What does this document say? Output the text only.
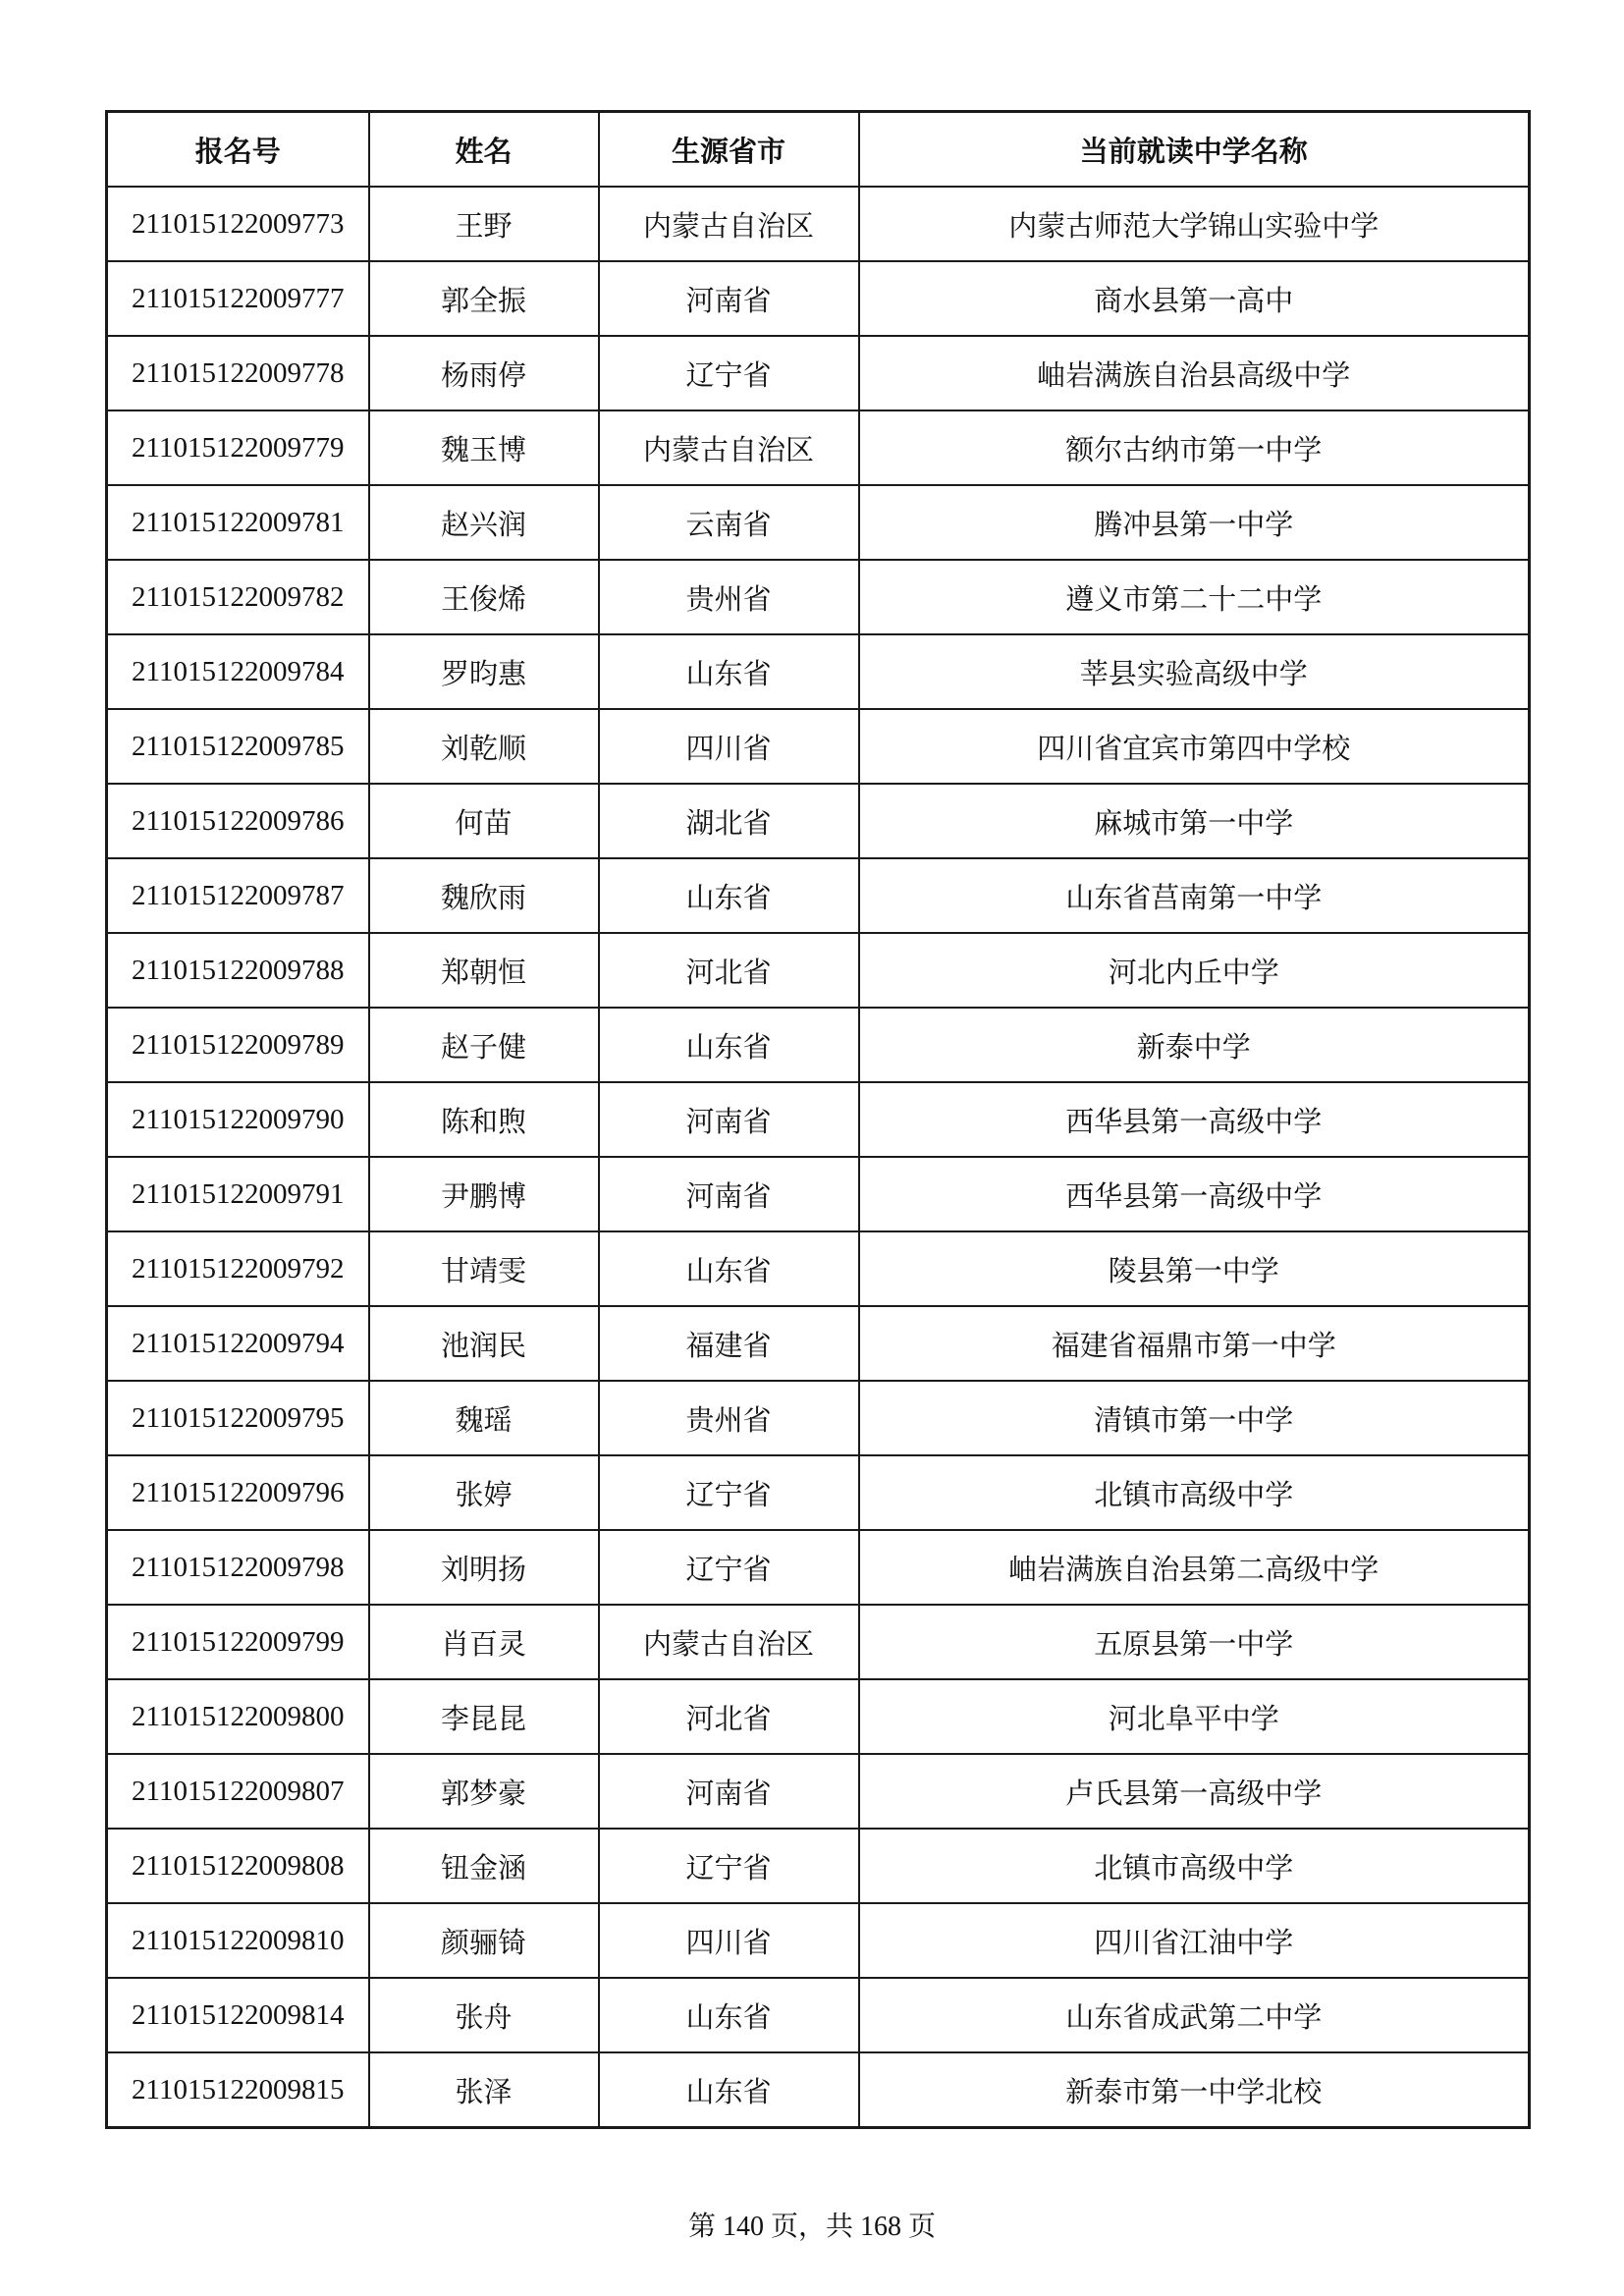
报名号	姓名	生源省市	当前就读中学名称
211015122009773	王野	内蒙古自治区	内蒙古师范大学锦山实验中学
211015122009777	郭全振	河南省	商水县第一高中
211015122009778	杨雨停	辽宁省	岫岩满族自治县高级中学
211015122009779	魏玉博	内蒙古自治区	额尔古纳市第一中学
211015122009781	赵兴润	云南省	腾冲县第一中学
211015122009782	王俊烯	贵州省	遵义市第二十二中学
211015122009784	罗昀惠	山东省	莘县实验高级中学
211015122009785	刘乾顺	四川省	四川省宜宾市第四中学校
211015122009786	何苗	湖北省	麻城市第一中学
211015122009787	魏欣雨	山东省	山东省莒南第一中学
211015122009788	郑朝恒	河北省	河北内丘中学
211015122009789	赵子健	山东省	新泰中学
211015122009790	陈和煦	河南省	西华县第一高级中学
211015122009791	尹鹏博	河南省	西华县第一高级中学
211015122009792	甘靖雯	山东省	陵县第一中学
211015122009794	池润民	福建省	福建省福鼎市第一中学
211015122009795	魏瑶	贵州省	清镇市第一中学
211015122009796	张婷	辽宁省	北镇市高级中学
211015122009798	刘明扬	辽宁省	岫岩满族自治县第二高级中学
211015122009799	肖百灵	内蒙古自治区	五原县第一中学
211015122009800	李昆昆	河北省	河北阜平中学
211015122009807	郭梦豪	河南省	卢氏县第一高级中学
211015122009808	钮金涵	辽宁省	北镇市高级中学
211015122009810	颜骊锜	四川省	四川省江油中学
211015122009814	张舟	山东省	山东省成武第二中学
211015122009815	张泽	山东省	新泰市第一中学北校
第 140 页，共 168 页
